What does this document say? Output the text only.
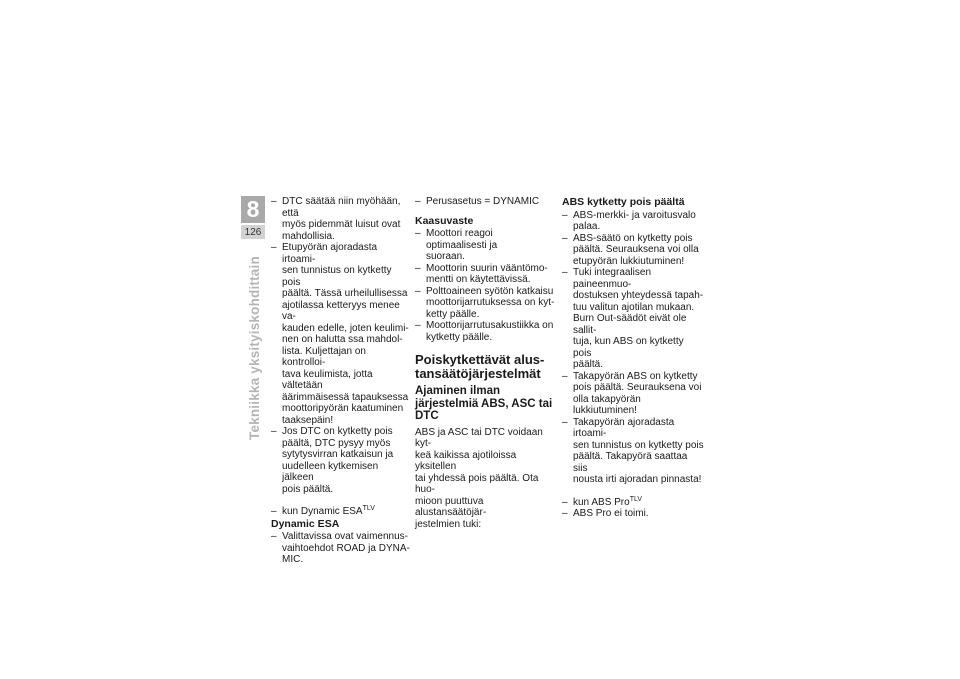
8
126
Tekniikka yksityiskohdittain
– DTC säätää niin myöhään, että
myös pidemmät luisut ovat
mahdollisia.
– Etupyörän ajoradasta irtoami-
sen tunnistus on kytketty pois
päältä. Tässä urheilullisessa
ajotilassa ketteryys menee va-
kauden edelle, joten keulimi-
nen on halutta ssa mahdol-
lista. Kuljettajan on kontrolloi-
tava keulimista, jotta vältetään
äärimmäisessä tapauksessa
moottoripyörän kaatuminen
taaksepäin!
– Jos DTC on kytketty pois
päältä, DTC pysyy myös
sytytysvirran katkaisun ja
uudelleen kytkemisen jälkeen
pois päältä.
– kun Dynamic $ESA^{TLV}$
Dynamic ESA
– Valittavissa ovat vaimennus-
vaihtoehdot ROAD ja DYNA-
MIC.
– Perusasetus = DYNAMIC
Kaasuvaste
– Moottori reagoi optimaalisesti ja
suoraan.
– Moottorin suurin vääntömo-
mentti on käytettävissä.
– Polttoaineen syötön katkaisu
moottorijarrutuksessa on kyt-
ketty päälle.
– Moottorijarrutusakustiikka on
kytketty päälle.
Poiskytkettävät alus-
tansäätöjärjestelmät
Ajaminen ilman
järjestelmiä ABS, ASC tai
DTC
ABS ja ASC tai DTC voidaan kyt-
keä kaikissa ajotiloissa yksitellen
tai yhdessä pois päältä. Ota huo-
mioon puuttuva alustansäätöjär-
jestelmien tuki:
ABS kytketty pois päältä
– ABS-merkki- ja varoitusvalo
palaa.
– ABS-säätö on kytketty pois
päältä. Seurauksena voi olla
etupyörän lukkiutuminen!
– Tuki integraalisen paineenmuo-
dostuksen yhteydessä tapah-
tuu valitun ajotilan mukaan.
Burn Out-säädöt eivät ole sallit-
tuja, kun ABS on kytketty pois
päältä.
– Takapyörän ABS on kytketty
pois päältä. Seurauksena voi
olla takapyörän lukkiutuminen!
– Takapyörän ajoradasta irtoami-
sen tunnistus on kytketty pois
päältä. Takapyörä saattaa siis
nousta irti ajoradan pinnasta!
– kun ABS Pro$^{TLV}$
– ABS Pro ei toimi.
